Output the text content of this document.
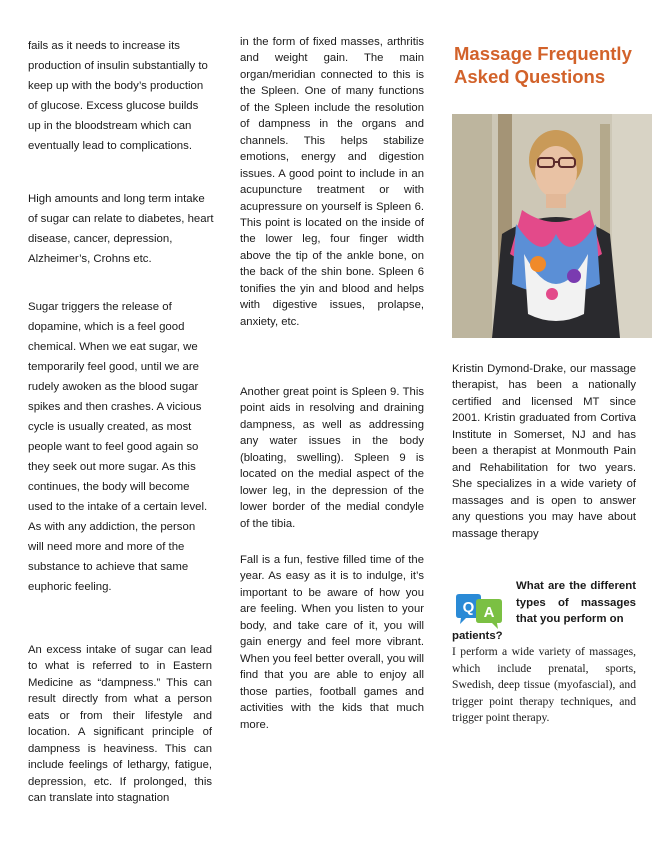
fails as it needs to increase its production of insulin substantially to keep up with the body’s production of glucose. Excess glucose builds up in the bloodstream which can eventually lead to complications.

High amounts and long term intake of sugar can relate to diabetes, heart disease, cancer, depression, Alzheimer’s, Crohns etc.

Sugar triggers the release of dopamine, which is a feel good chemical. When we eat sugar, we temporarily feel good, until we are rudely awoken as the blood sugar spikes and then crashes. A vicious cycle is usually created, as most people want to feel good again so they seek out more sugar. As this continues, the body will become used to the intake of a certain level. As with any addiction, the person will need more and more of the substance to achieve that same euphoric feeling.

An excess intake of sugar can lead to what is referred to in Eastern Medicine as “dampness.” This can result directly from what a person eats or from their lifestyle and location. A significant principle of dampness is heaviness. This can include feelings of lethargy, fatigue, depression, etc. If prolonged, this can translate into stagnation

in the form of fixed masses, arthritis and weight gain. The main organ/meridian connected to this is the Spleen. One of many functions of the Spleen include the resolution of dampness in the organs and channels. This helps stabilize emotions, energy and digestion issues. A good point to include in an acupuncture treatment or with acupressure on yourself is Spleen 6. This point is located on the inside of the lower leg, four finger width above the tip of the ankle bone, on the back of the shin bone. Spleen 6 tonifies the yin and blood and helps with digestive issues, prolapse, anxiety, etc.

Another great point is Spleen 9. This point aids in resolving and draining dampness, as well as addressing any water issues in the body (bloating, swelling). Spleen 9 is located on the medial aspect of the lower leg, in the depression of the lower border of the medial condyle of the tibia.

Fall is a fun, festive filled time of the year. As easy as it is to indulge, it’s important to be aware of how you are feeling. When you listen to your body, and take care of it, you will gain energy and feel more vibrant. When you feel better overall, you will find that you are able to enjoy all those parties, football games and activities with the kids that much more.

Massage Frequently Asked Questions

Kristin Dymond-Drake, our massage therapist, has been a nationally certified and licensed MT since 2001. Kristin graduated from Cortiva Institute in Somerset, NJ and has been a therapist at Monmouth Pain and Rehabilitation for two years. She specializes in a wide variety of massages and is open to answer any questions you may have about massage therapy

Q A

What are the different types of massages that you perform on

patients?

I perform a wide variety of massages, which include prenatal, sports, Swedish, deep tissue (myofascial), and trigger point therapy techniques, and trigger point therapy.
